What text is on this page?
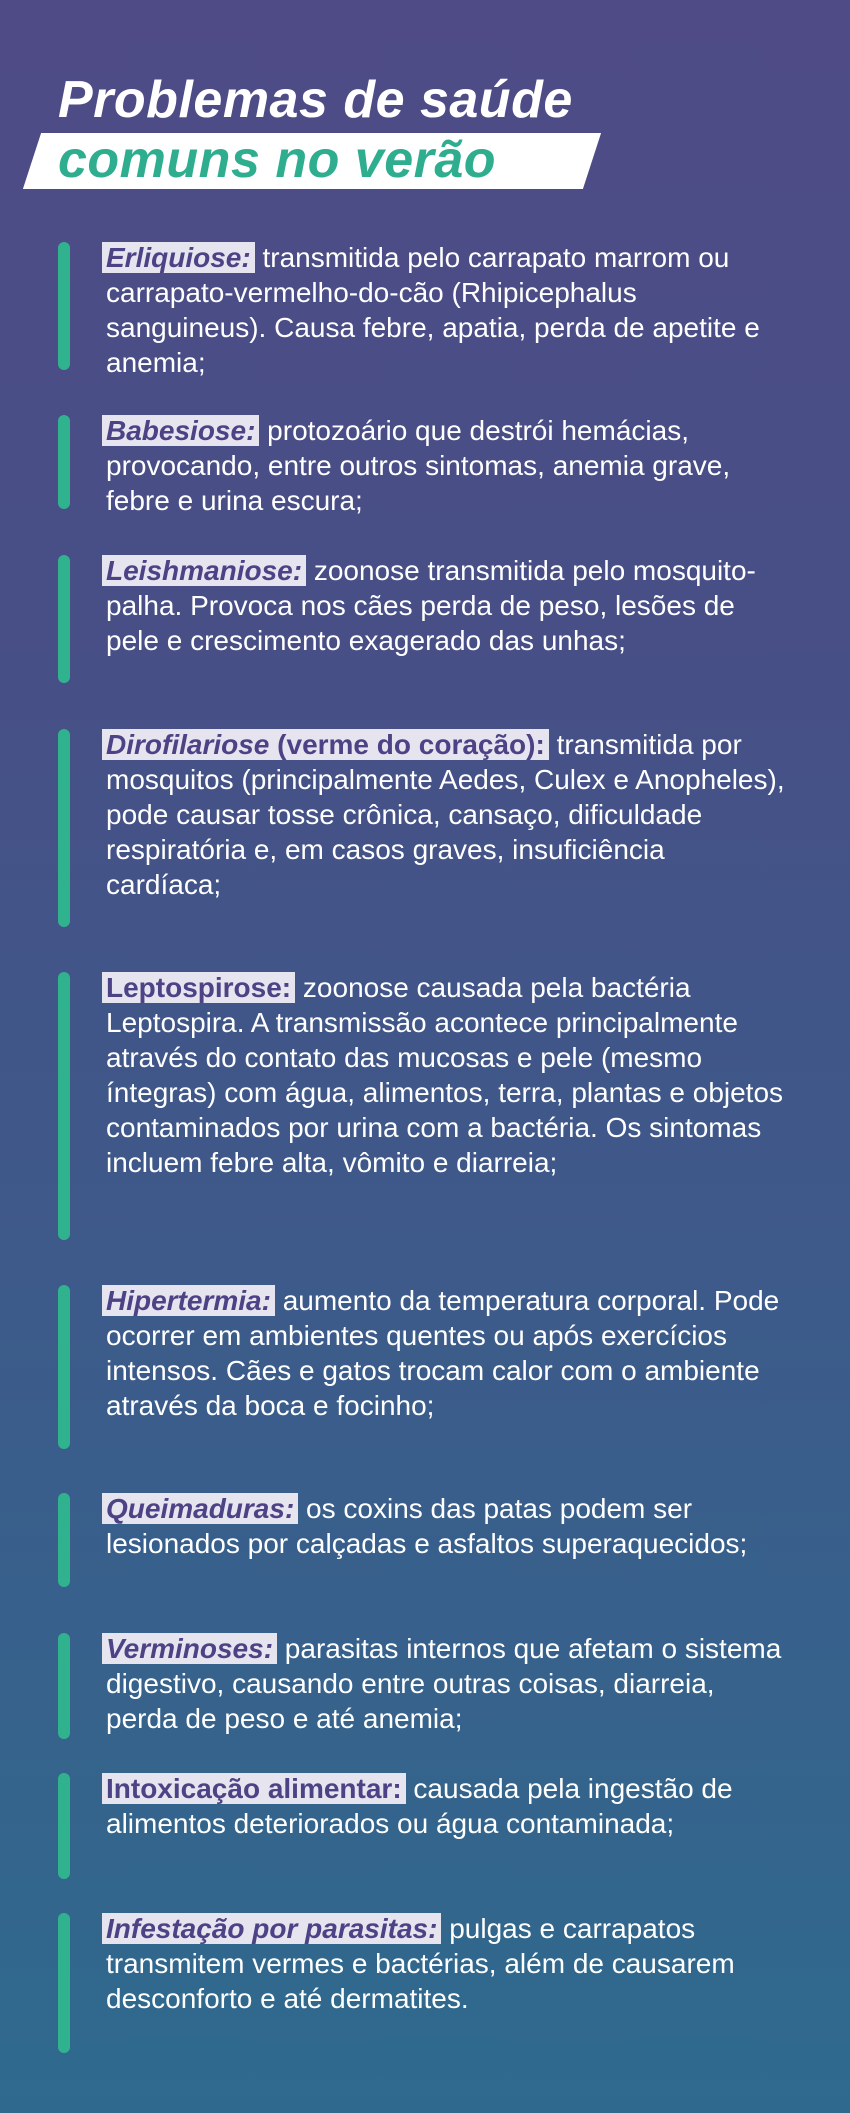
Problemas de saúde
comuns no verão
Erliquiose: transmitida pelo carrapato marrom ou carrapato-vermelho-do-cão (Rhipicephalus sanguineus). Causa febre, apatia, perda de apetite e anemia;
Babesiose: protozoário que destrói hemácias, provocando, entre outros sintomas, anemia grave, febre e urina escura;
Leishmaniose: zoonose transmitida pelo mosquito-palha. Provoca nos cães perda de peso, lesões de pele e crescimento exagerado das unhas;
Dirofilariose (verme do coração): transmitida por mosquitos (principalmente Aedes, Culex e Anopheles), pode causar tosse crônica, cansaço, dificuldade respiratória e, em casos graves, insuficiência cardíaca;
Leptospirose: zoonose causada pela bactéria Leptospira. A transmissão acontece principalmente através do contato das mucosas e pele (mesmo íntegras) com água, alimentos, terra, plantas e objetos contaminados por urina com a bactéria. Os sintomas incluem febre alta, vômito e diarreia;
Hipertermia: aumento da temperatura corporal. Pode ocorrer em ambientes quentes ou após exercícios intensos. Cães e gatos trocam calor com o ambiente através da boca e focinho;
Queimaduras: os coxins das patas podem ser lesionados por calçadas e asfaltos superaquecidos;
Verminoses: parasitas internos que afetam o sistema digestivo, causando entre outras coisas, diarreia, perda de peso e até anemia;
Intoxicação alimentar: causada pela ingestão de alimentos deteriorados ou água contaminada;
Infestação por parasitas: pulgas e carrapatos transmitem vermes e bactérias, além de causarem desconforto e até dermatites.
